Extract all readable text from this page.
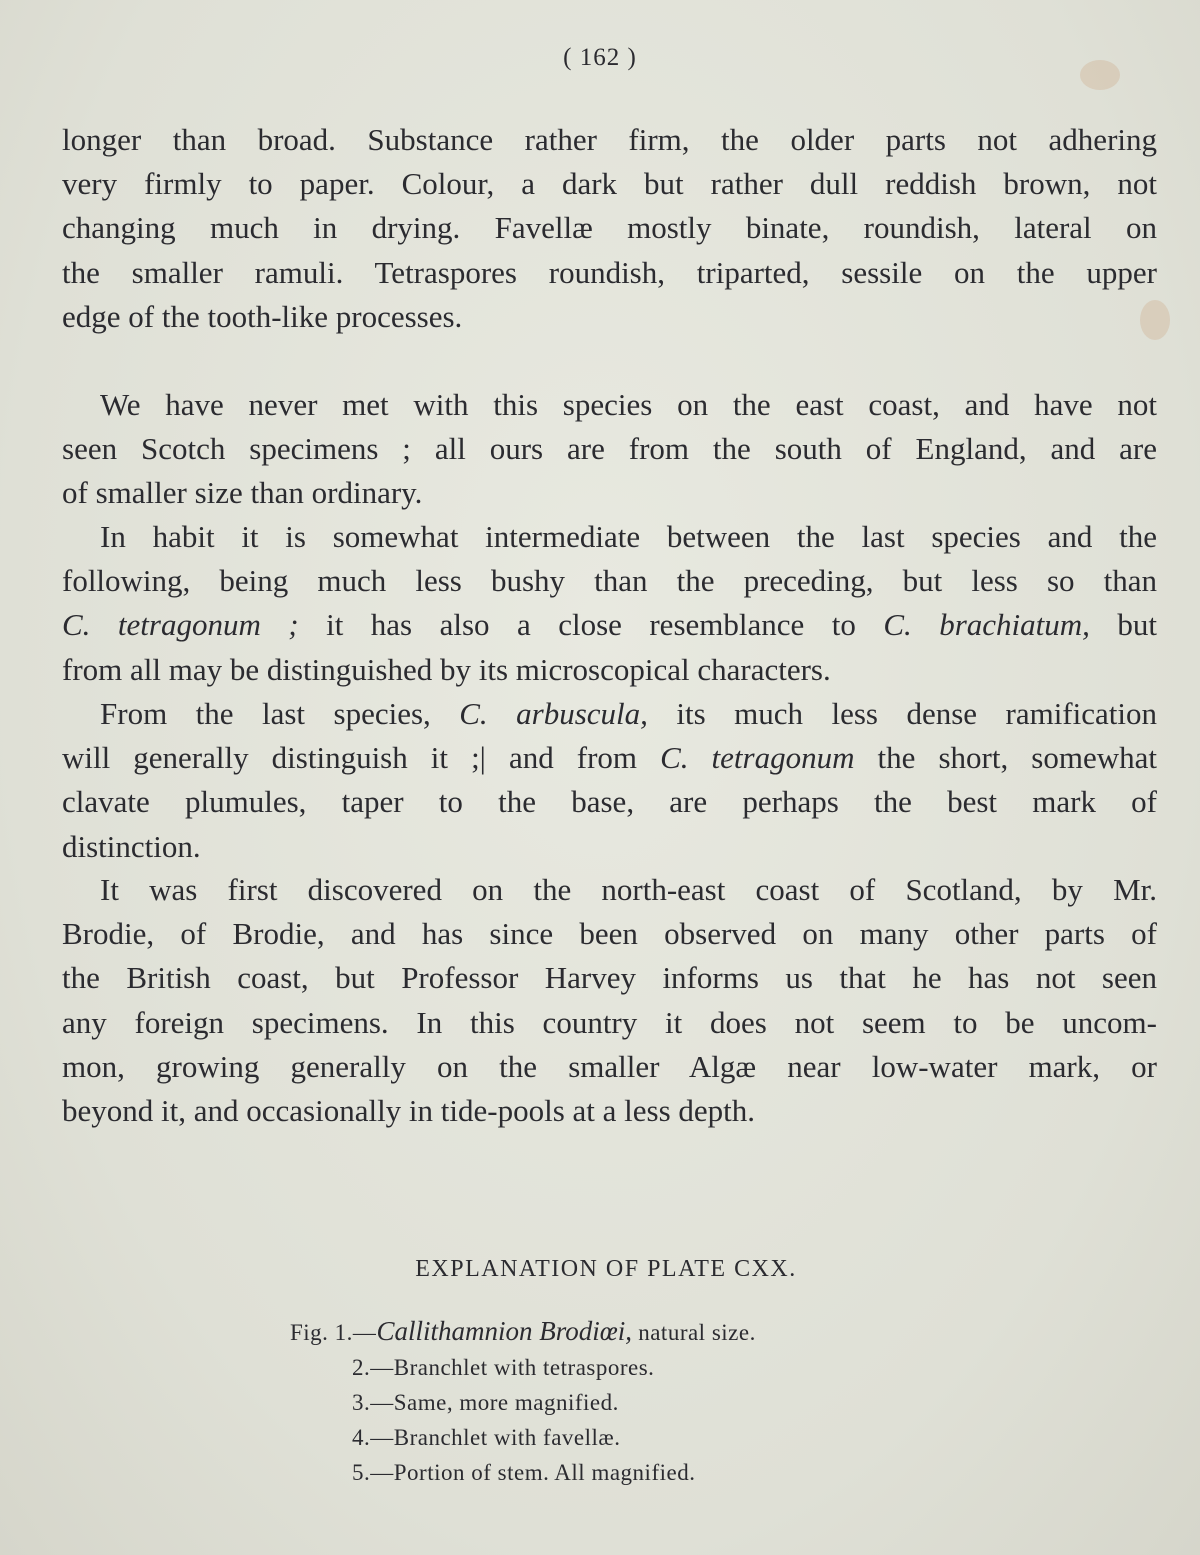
( 162 )
longer than broad. Substance rather firm, the older parts not adhering
very firmly to paper. Colour, a dark but rather dull reddish brown, not
changing much in drying. Favellæ mostly binate, roundish, lateral on
the smaller ramuli. Tetraspores roundish, triparted, sessile on the upper
edge of the tooth-like processes.
We have never met with this species on the east coast, and have not
seen Scotch specimens ; all ours are from the south of England, and are
of smaller size than ordinary.
In habit it is somewhat intermediate between the last species and the
following, being much less bushy than the preceding, but less so than
C. tetragonum ; it has also a close resemblance to C. brachiatum, but
from all may be distinguished by its microscopical characters.
From the last species, C. arbuscula, its much less dense ramification
will generally distinguish it ;| and from C. tetragonum the short, somewhat
clavate plumules, taper to the base, are perhaps the best mark of
distinction.
It was first discovered on the north-east coast of Scotland, by Mr.
Brodie, of Brodie, and has since been observed on many other parts of
the British coast, but Professor Harvey informs us that he has not seen
any foreign specimens. In this country it does not seem to be uncom-
mon, growing generally on the smaller Algæ near low-water mark, or
beyond it, and occasionally in tide-pools at a less depth.
EXPLANATION OF PLATE CXX.
Fig. 1.—Callithamnion Brodiœi, natural size.
2.—Branchlet with tetraspores.
3.—Same, more magnified.
4.—Branchlet with favellæ.
5.—Portion of stem. All magnified.
